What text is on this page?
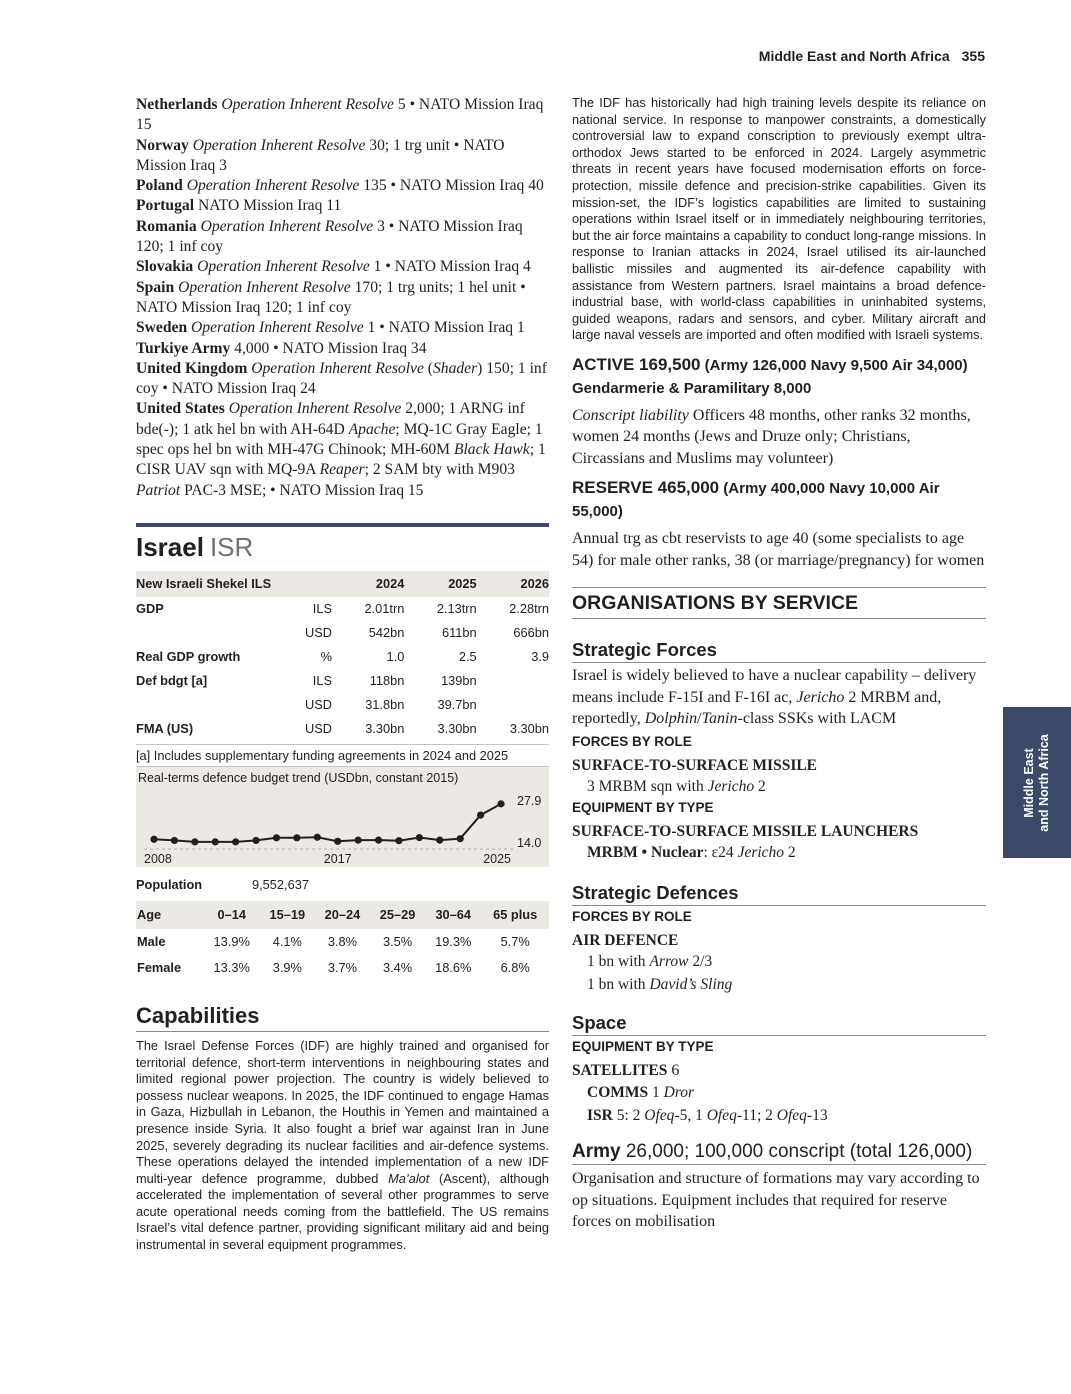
Middle East and North Africa 355
Middle East
and North Africa
Netherlands Operation Inherent Resolve 5 • NATO Mission Iraq 15
Norway Operation Inherent Resolve 30; 1 trg unit • NATO Mission Iraq 3
Poland Operation Inherent Resolve 135 • NATO Mission Iraq 40
Portugal NATO Mission Iraq 11
Romania Operation Inherent Resolve 3 • NATO Mission Iraq 120; 1 inf coy
Slovakia Operation Inherent Resolve 1 • NATO Mission Iraq 4
Spain Operation Inherent Resolve 170; 1 trg units; 1 hel unit • NATO Mission Iraq 120; 1 inf coy
Sweden Operation Inherent Resolve 1 • NATO Mission Iraq 1
Turkiye Army 4,000 • NATO Mission Iraq 34
United Kingdom Operation Inherent Resolve (Shader) 150; 1 inf coy • NATO Mission Iraq 24
United States Operation Inherent Resolve 2,000; 1 ARNG inf bde(-); 1 atk hel bn with AH-64D Apache; MQ-1C Gray Eagle; 1 spec ops hel bn with MH-47G Chinook; MH-60M Black Hawk; 1 CISR UAV sqn with MQ-9A Reaper; 2 SAM bty with M903 Patriot PAC-3 MSE; • NATO Mission Iraq 15
Israel ISR
New Israeli Shekel ILS		2024	2025	2026
GDP	ILS	2.01trn	2.13trn	2.28trn
	USD	542bn	611bn	666bn
Real GDP growth	%	1.0	2.5	3.9
Def bdgt [a]	ILS	118bn	139bn	
	USD	31.8bn	39.7bn	
FMA (US)	USD	3.30bn	3.30bn	3.30bn
[a] Includes supplementary funding agreements in 2024 and 2025
Real-terms defence budget trend (USDbn, constant 2015)
2008	2017	2025
27.9
14.0
Population	9,552,637
Age	0–14	15–19	20–24	25–29	30–64	65 plus
Male	13.9%	4.1%	3.8%	3.5%	19.3%	5.7%
Female	13.3%	3.9%	3.7%	3.4%	18.6%	6.8%
Capabilities
The Israel Defense Forces (IDF) are highly trained and organised for territorial defence, short-term interventions in neighbouring states and limited regional power projection. The country is widely believed to possess nuclear weapons. In 2025, the IDF continued to engage Hamas in Gaza, Hizbullah in Lebanon, the Houthis in Yemen and maintained a presence inside Syria. It also fought a brief war against Iran in June 2025, severely degrading its nuclear facilities and air-defence systems. These operations delayed the intended implementation of a new IDF multi-year defence programme, dubbed Ma’alot (Ascent), although accelerated the implementation of several other programmes to serve acute operational needs coming from the battlefield. The US remains Israel’s vital defence partner, providing significant military aid and being instrumental in several equipment programmes.
The IDF has historically had high training levels despite its reliance on national service. In response to manpower constraints, a domestically controversial law to expand conscription to previously exempt ultra-orthodox Jews started to be enforced in 2024. Largely asymmetric threats in recent years have focused modernisation efforts on force-protection, missile defence and precision-strike capabilities. Given its mission-set, the IDF’s logistics capabilities are limited to sustaining operations within Israel itself or in immediately neighbouring territories, but the air force maintains a capability to conduct long-range missions. In response to Iranian attacks in 2024, Israel utilised its air-launched ballistic missiles and augmented its air-defence capability with assistance from Western partners. Israel maintains a broad defence-industrial base, with world-class capabilities in uninhabited systems, guided weapons, radars and sensors, and cyber. Military aircraft and large naval vessels are imported and often modified with Israeli systems.
ACTIVE 169,500 (Army 126,000 Navy 9,500 Air 34,000) Gendarmerie & Paramilitary 8,000
Conscript liability Officers 48 months, other ranks 32 months, women 24 months (Jews and Druze only; Christians, Circassians and Muslims may volunteer)
RESERVE 465,000 (Army 400,000 Navy 10,000 Air 55,000)
Annual trg as cbt reservists to age 40 (some specialists to age 54) for male other ranks, 38 (or marriage/pregnancy) for women
ORGANISATIONS BY SERVICE
Strategic Forces
Israel is widely believed to have a nuclear capability – delivery means include F-15I and F-16I ac, Jericho 2 MRBM and, reportedly, Dolphin/Tanin-class SSKs with LACM
FORCES BY ROLE
SURFACE-TO-SURFACE MISSILE
3 MRBM sqn with Jericho 2
EQUIPMENT BY TYPE
SURFACE-TO-SURFACE MISSILE LAUNCHERS
MRBM • Nuclear: ε24 Jericho 2
Strategic Defences
FORCES BY ROLE
AIR DEFENCE
1 bn with Arrow 2/3
1 bn with David’s Sling
Space
EQUIPMENT BY TYPE
SATELLITES 6
COMMS 1 Dror
ISR 5: 2 Ofeq-5, 1 Ofeq-11; 2 Ofeq-13
Army 26,000; 100,000 conscript (total 126,000)
Organisation and structure of formations may vary according to op situations. Equipment includes that required for reserve forces on mobilisation
